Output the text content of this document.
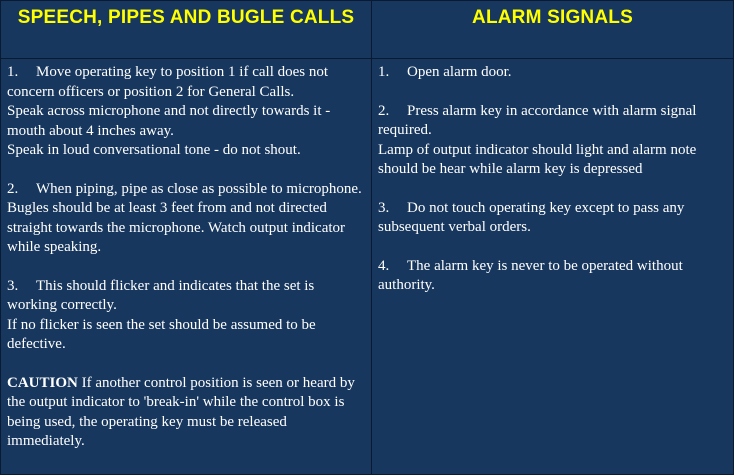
SPEECH, PIPES AND BUGLE CALLS	ALARM SIGNALS

1. Move operating key to position 1 if call does not concern officers or position 2 for General Calls.
Speak across microphone and not directly towards it - mouth about 4 inches away.
Speak in loud conversational tone - do not shout.

2. When piping, pipe as close as possible to microphone.
Bugles should be at least 3 feet from and not directed straight towards the microphone. Watch output indicator while speaking.

3. This should flicker and indicates that the set is working correctly.
If no flicker is seen the set should be assumed to be defective.

CAUTION If another control position is seen or heard by the output indicator to 'break-in' while the control box is being used, the operating key must be released immediately.

1. Open alarm door.

2. Press alarm key in accordance with alarm signal required.
Lamp of output indicator should light and alarm note should be hear while alarm key is depressed

3. Do not touch operating key except to pass any subsequent verbal orders.

4. The alarm key is never to be operated without authority.
